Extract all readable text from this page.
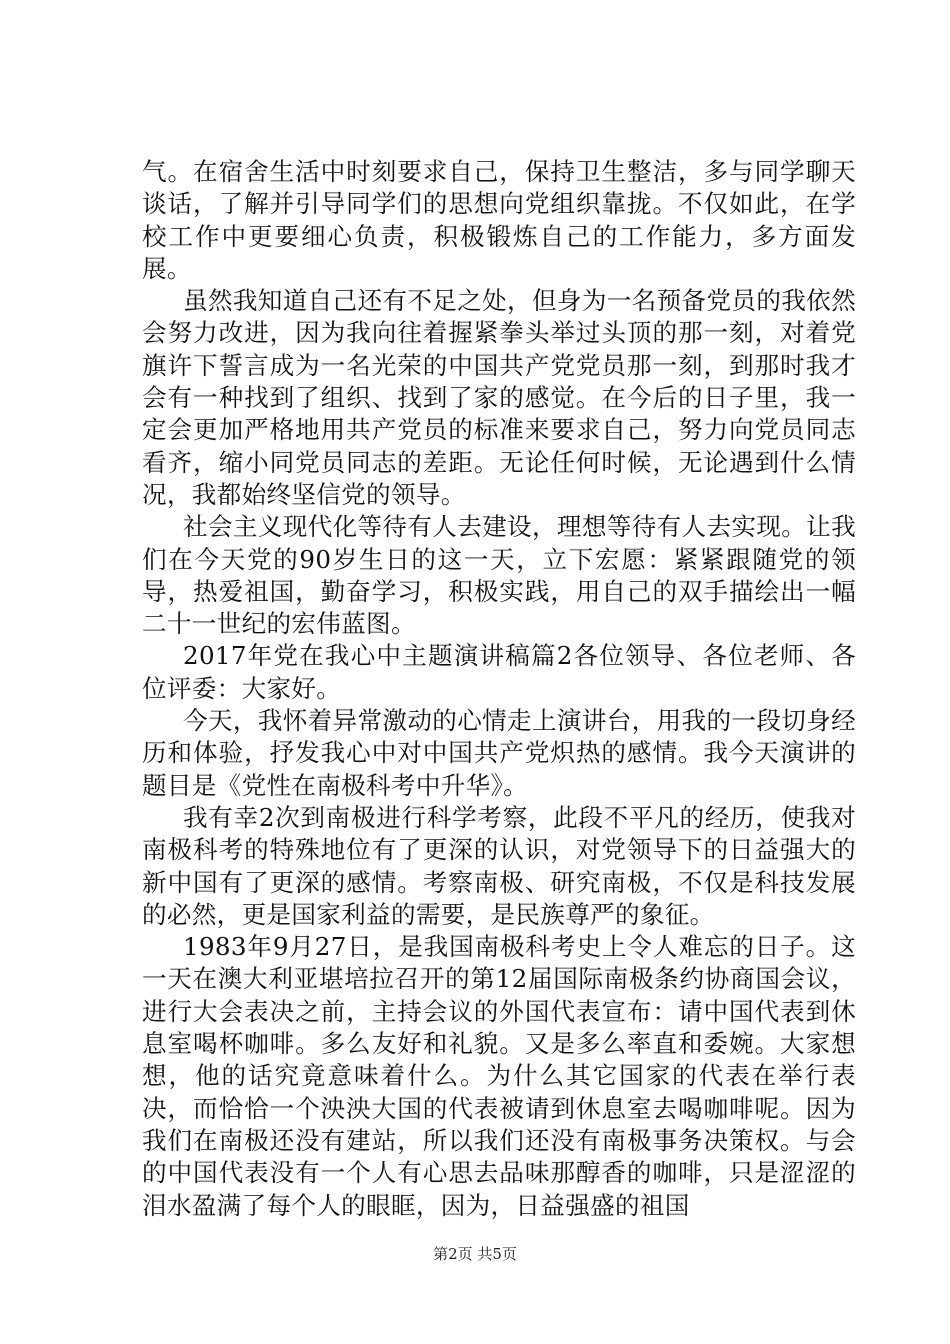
气。在宿舍生活中时刻要求自己，保持卫生整洁，多与同学聊天谈话，了解并引导同学们的思想向党组织靠拢。不仅如此，在学校工作中更要细心负责，积极锻炼自己的工作能力，多方面发展。

虽然我知道自己还有不足之处，但身为一名预备党员的我依然会努力改进，因为我向往着握紧拳头举过头顶的那一刻，对着党旗许下誓言成为一名光荣的中国共产党党员那一刻，到那时我才会有一种找到了组织、找到了家的感觉。在今后的日子里，我一定会更加严格地用共产党员的标准来要求自己，努力向党员同志看齐，缩小同党员同志的差距。无论任何时候，无论遇到什么情况，我都始终坚信党的领导。

社会主义现代化等待有人去建设，理想等待有人去实现。让我们在今天党的90岁生日的这一天，立下宏愿：紧紧跟随党的领导，热爱祖国，勤奋学习，积极实践，用自己的双手描绘出一幅二十一世纪的宏伟蓝图。

2017年党在我心中主题演讲稿篇2各位领导、各位老师、各位评委：大家好。

今天，我怀着异常激动的心情走上演讲台，用我的一段切身经历和体验，抒发我心中对中国共产党炽热的感情。我今天演讲的题目是《党性在南极科考中升华》。

我有幸2次到南极进行科学考察，此段不平凡的经历，使我对南极科考的特殊地位有了更深的认识，对党领导下的日益强大的新中国有了更深的感情。考察南极、研究南极，不仅是科技发展的必然，更是国家利益的需要，是民族尊严的象征。

1983年9月27日，是我国南极科考史上令人难忘的日子。这一天在澳大利亚堪培拉召开的第12届国际南极条约协商国会议，进行大会表决之前，主持会议的外国代表宣布：请中国代表到休息室喝杯咖啡。多么友好和礼貌。又是多么率直和委婉。大家想想，他的话究竟意味着什么。为什么其它国家的代表在举行表决，而恰恰一个泱泱大国的代表被请到休息室去喝咖啡呢。因为我们在南极还没有建站，所以我们还没有南极事务决策权。与会的中国代表没有一个人有心思去品味那醇香的咖啡，只是涩涩的泪水盈满了每个人的眼眶，因为，日益强盛的祖国

第2页 共5页
